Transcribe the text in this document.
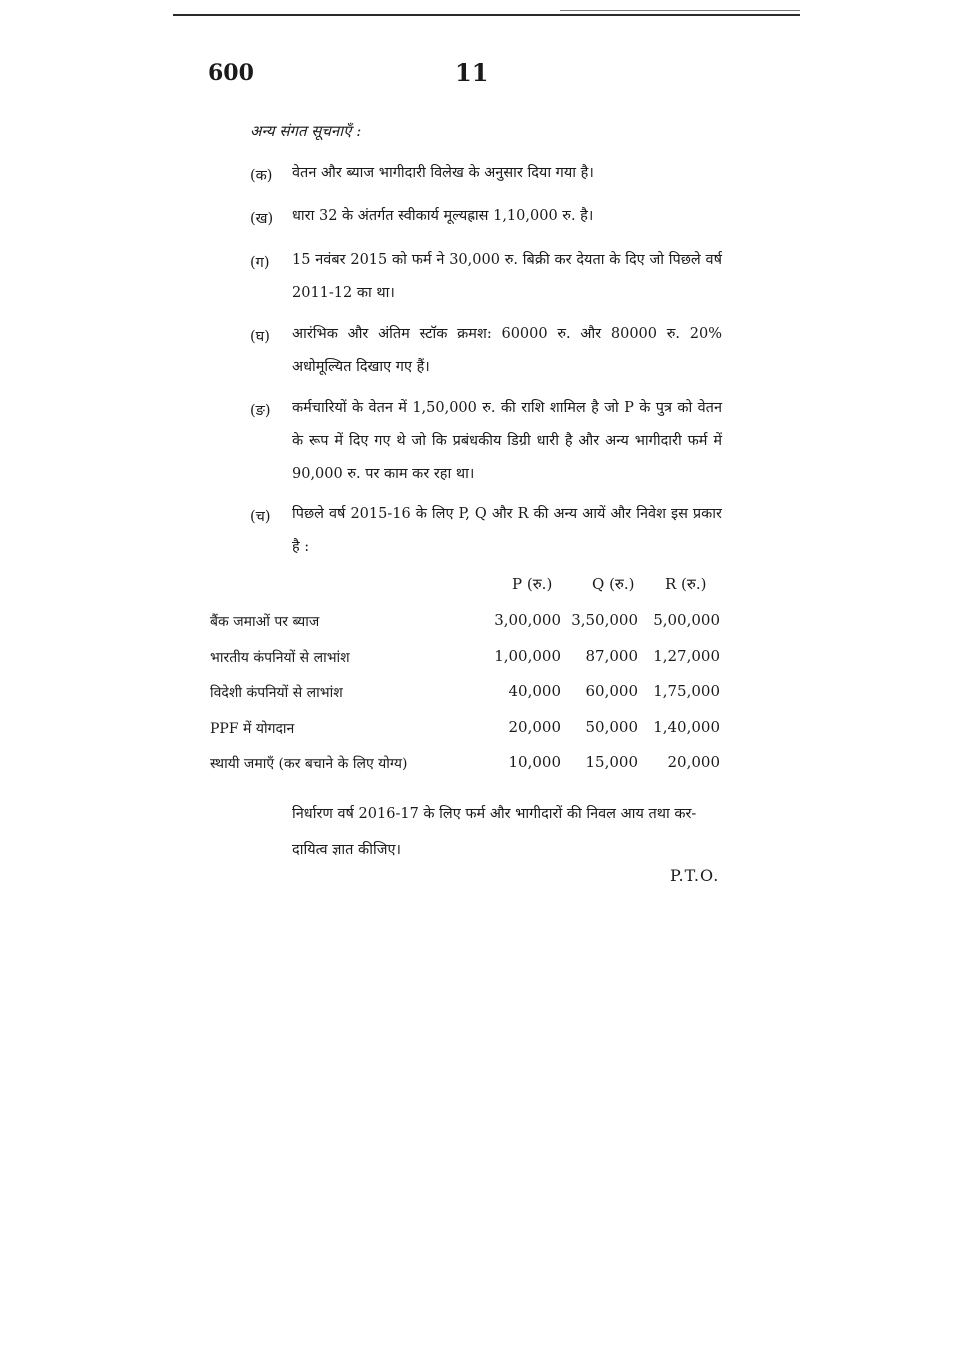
600	11
अन्य संगत सूचनाएँ :
(क) वेतन और ब्याज भागीदारी विलेख के अनुसार दिया गया है।
(ख) धारा 32 के अंतर्गत स्वीकार्य मूल्यह्रास 1,10,000 रु. है।
(ग) 15 नवंबर 2015 को फर्म ने 30,000 रु. बिक्री कर देयता के दिए जो पिछले वर्ष 2011-12 का था।
(घ) आरंभिक और अंतिम स्टॉक क्रमश: 60000 रु. और 80000 रु. 20% अधोमूल्यित दिखाए गए हैं।
(ङ) कर्मचारियों के वेतन में 1,50,000 रु. की राशि शामिल है जो P के पुत्र को वेतन के रूप में दिए गए थे जो कि प्रबंधकीय डिग्री धारी है और अन्य भागीदारी फर्म में 90,000 रु. पर काम कर रहा था।
(च) पिछले वर्ष 2015-16 के लिए P, Q और R की अन्य आयें और निवेश इस प्रकार है :
P (रु.)	Q (रु.) R (रु.)
बैंक जमाओं पर ब्याज	3,00,000 3,50,000	5,00,000
भारतीय कंपनियों से लाभांश	1,00,000	87,000	1,27,000
विदेशी कंपनियों से लाभांश	40,000	60,000	1,75,000
PPF में योगदान	20,000	50,000	1,40,000
स्थायी जमाएँ (कर बचाने के लिए योग्य)	10,000	15,000	20,000
निर्धारण वर्ष 2016-17 के लिए फर्म और भागीदारों की निवल आय तथा कर-दायित्व ज्ञात कीजिए।
P.T.O.
